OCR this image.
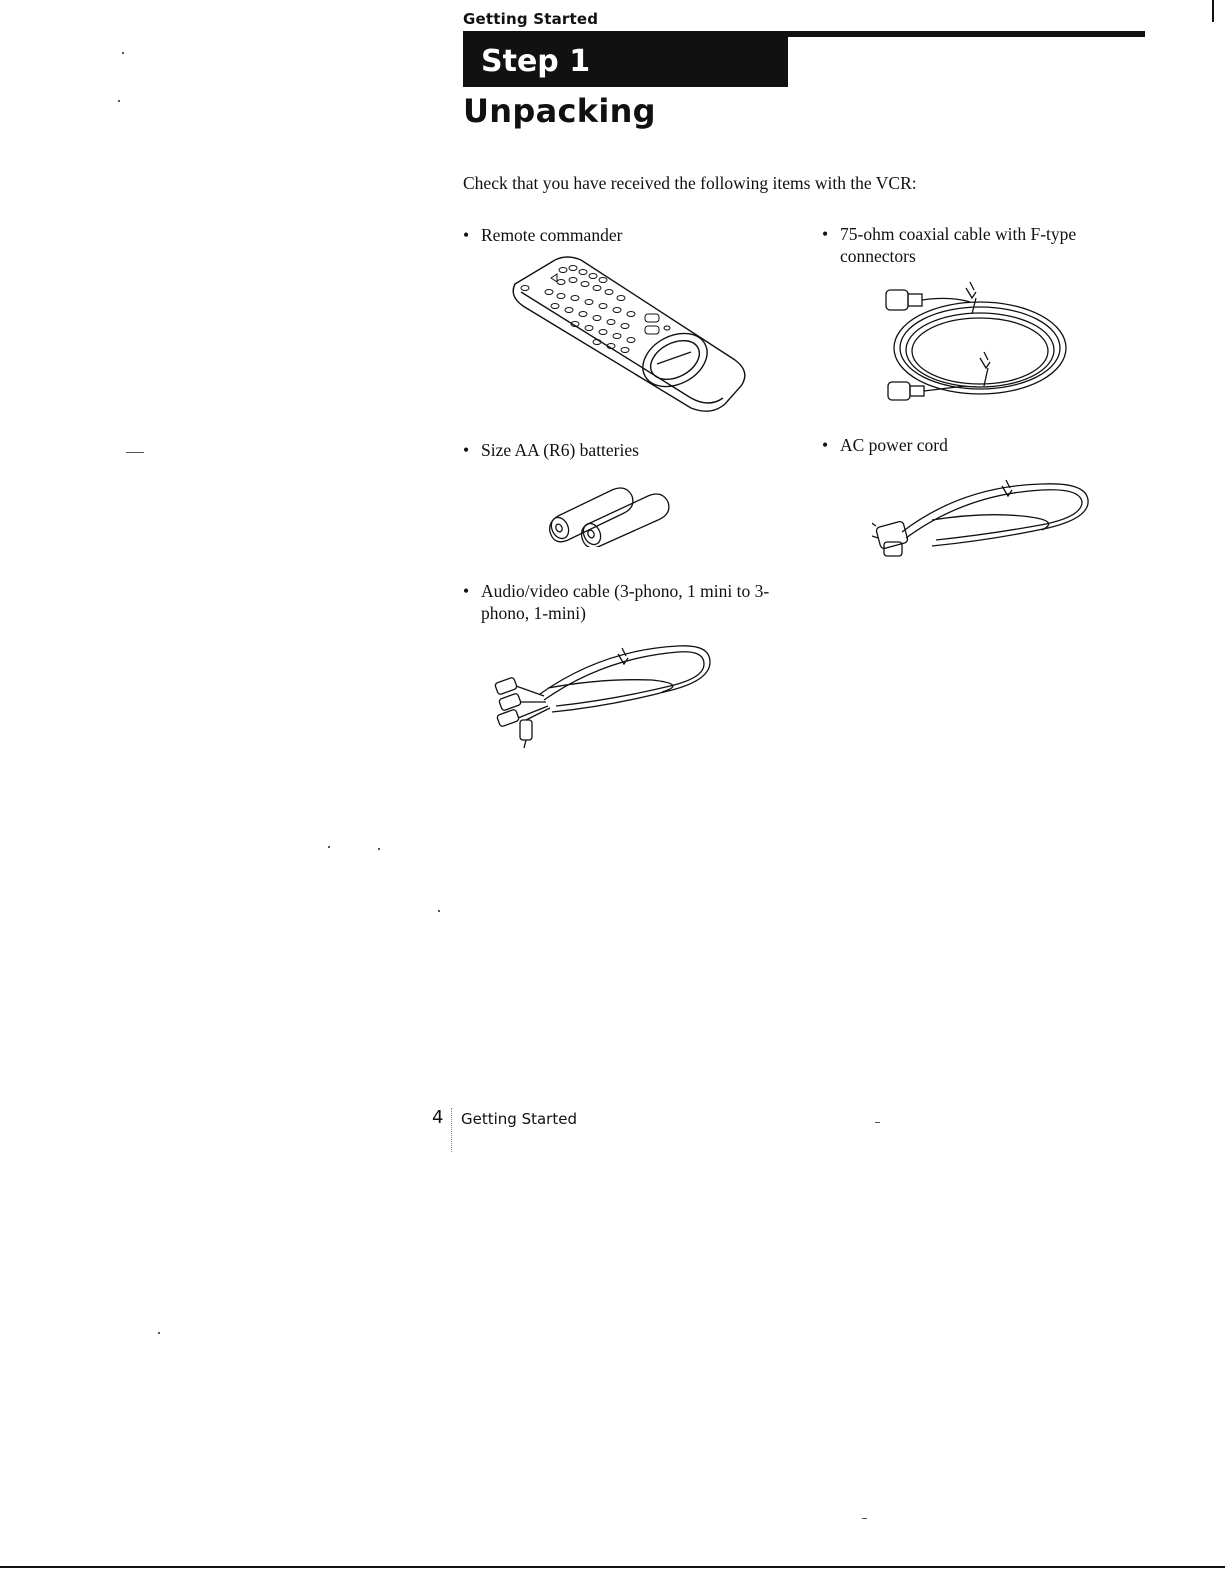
Getting Started
Step 1
Unpacking
Check that you have received the following items with the VCR:
• Remote commander	• 75-ohm coaxial cable with F-type connectors
• Size AA (R6) batteries	• AC power cord
• Audio/video cable (3-phono, 1 mini to 3-phono, 1-mini)
4 Getting Started
